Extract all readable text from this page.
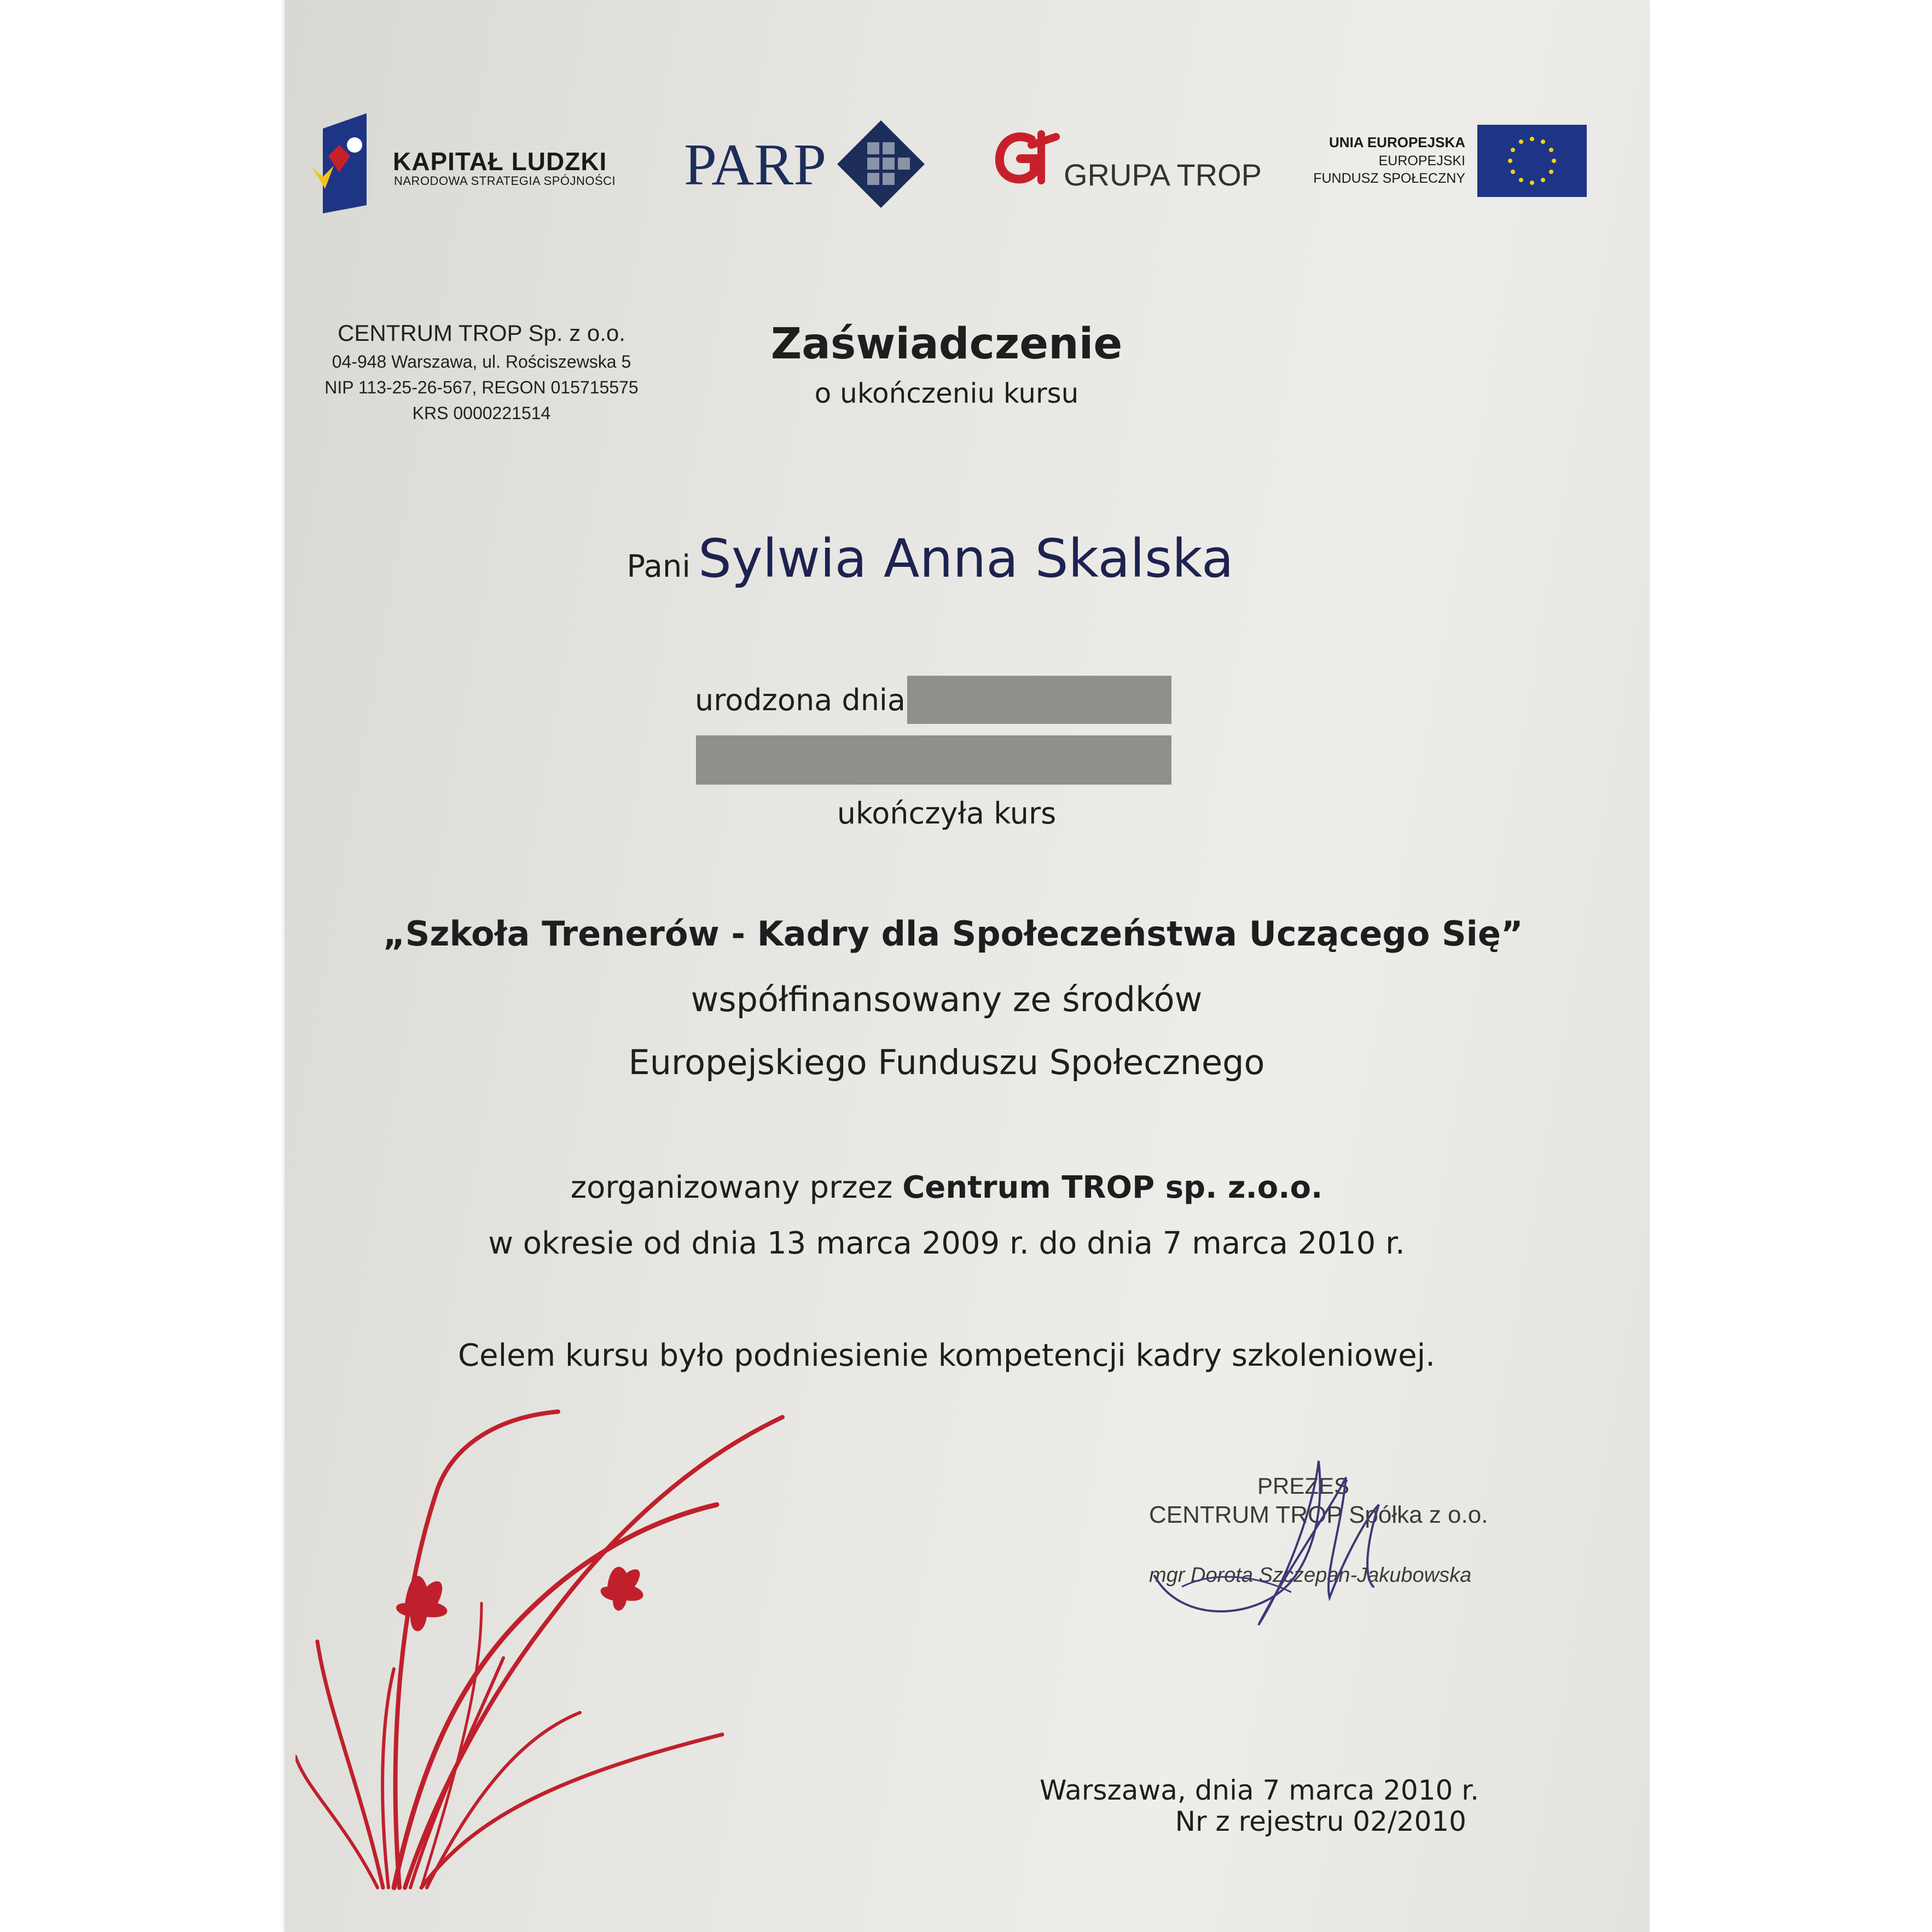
KAPITAŁ LUDZKI
NARODOWA STRATEGIA SPÓJNOŚCI PARP	GRUPA TROP
UNIA EUROPEJSKA
EUROPEJSKI
FUNDUSZ SPOŁECZNY
CENTRUM TROP Sp. z o.o.
04-948 Warszawa, ul. Rościszewska 5
NIP 113-25-26-567, REGON 015715575
KRS 0000221514
Zaświadczenie
o ukończeniu kursu
Pani Sylwia Anna Skalska
urodzona dnia
ukończyła kurs
„Szkoła Trenerów - Kadry dla Społeczeństwa Uczącego Się”
współfinansowany ze środków
Europejskiego Funduszu Społecznego
zorganizowany przez Centrum TROP sp. z.o.o.
w okresie od dnia 13 marca 2009 r. do dnia 7 marca 2010 r.
Celem kursu było podniesienie kompetencji kadry szkoleniowej.
PREZES
CENTRUM TROP Spółka z o.o.
mgr Dorota Szczepan-Jakubowska
Warszawa, dnia 7 marca 2010 r.
Nr z rejestru 02/2010
